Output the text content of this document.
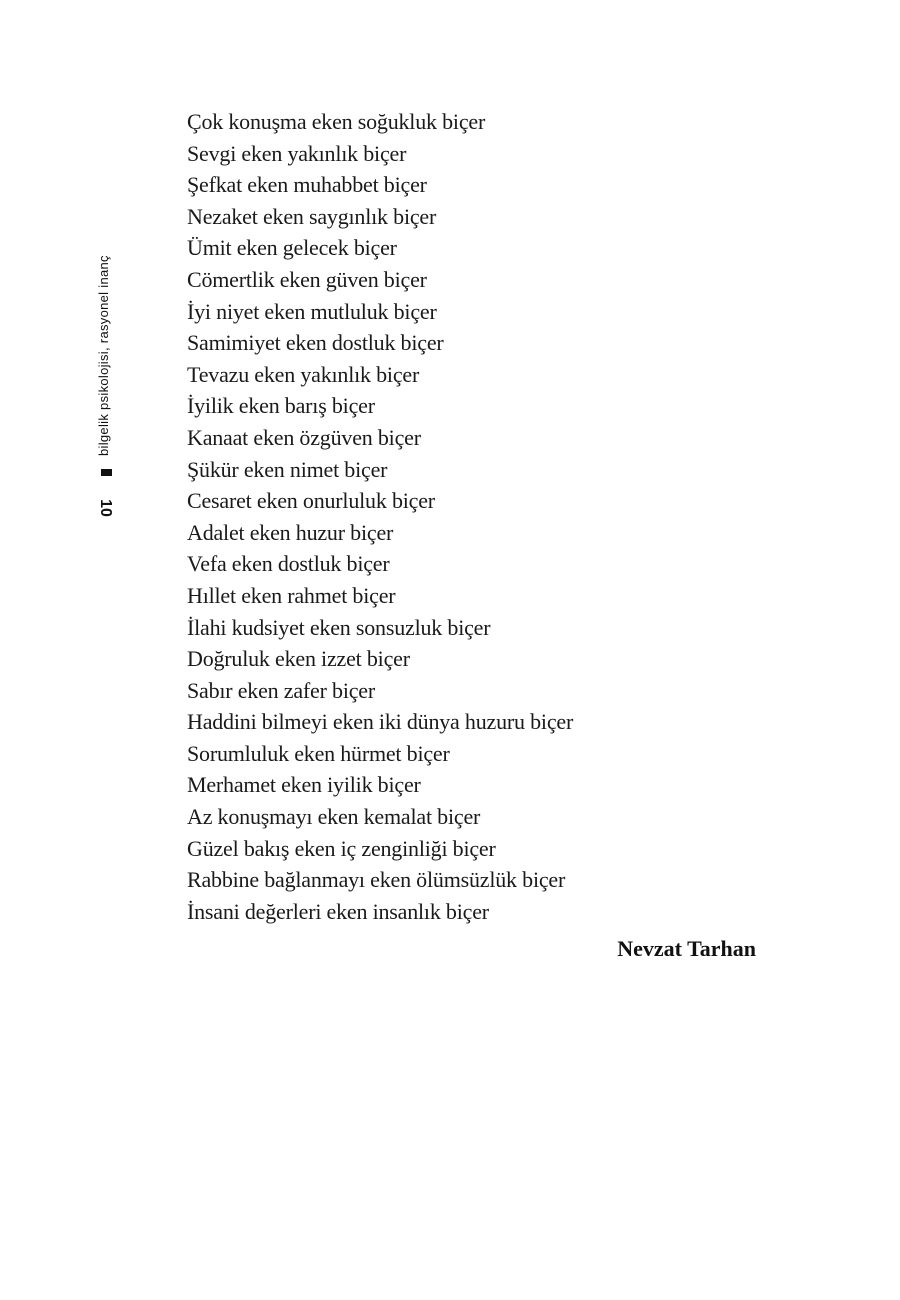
bilgelik psikolojisi, rasyonel inanç
10
Çok konuşma eken soğukluk biçer
Sevgi eken yakınlık biçer
Şefkat eken muhabbet biçer
Nezaket eken saygınlık biçer
Ümit eken gelecek biçer
Cömertlik eken güven biçer
İyi niyet eken mutluluk biçer
Samimiyet eken dostluk biçer
Tevazu eken yakınlık biçer
İyilik eken barış biçer
Kanaat eken özgüven biçer
Şükür eken nimet biçer
Cesaret eken onurluluk biçer
Adalet eken huzur biçer
Vefa eken dostluk biçer
Hıllet eken rahmet biçer
İlahi kudsiyet eken sonsuzluk biçer
Doğruluk eken izzet biçer
Sabır eken zafer biçer
Haddini bilmeyi eken iki dünya huzuru biçer
Sorumluluk eken hürmet biçer
Merhamet eken iyilik biçer
Az konuşmayı eken kemalat biçer
Güzel bakış eken iç zenginliği biçer
Rabbine bağlanmayı eken ölümsüzlük biçer
İnsani değerleri eken insanlık biçer
Nevzat Tarhan
